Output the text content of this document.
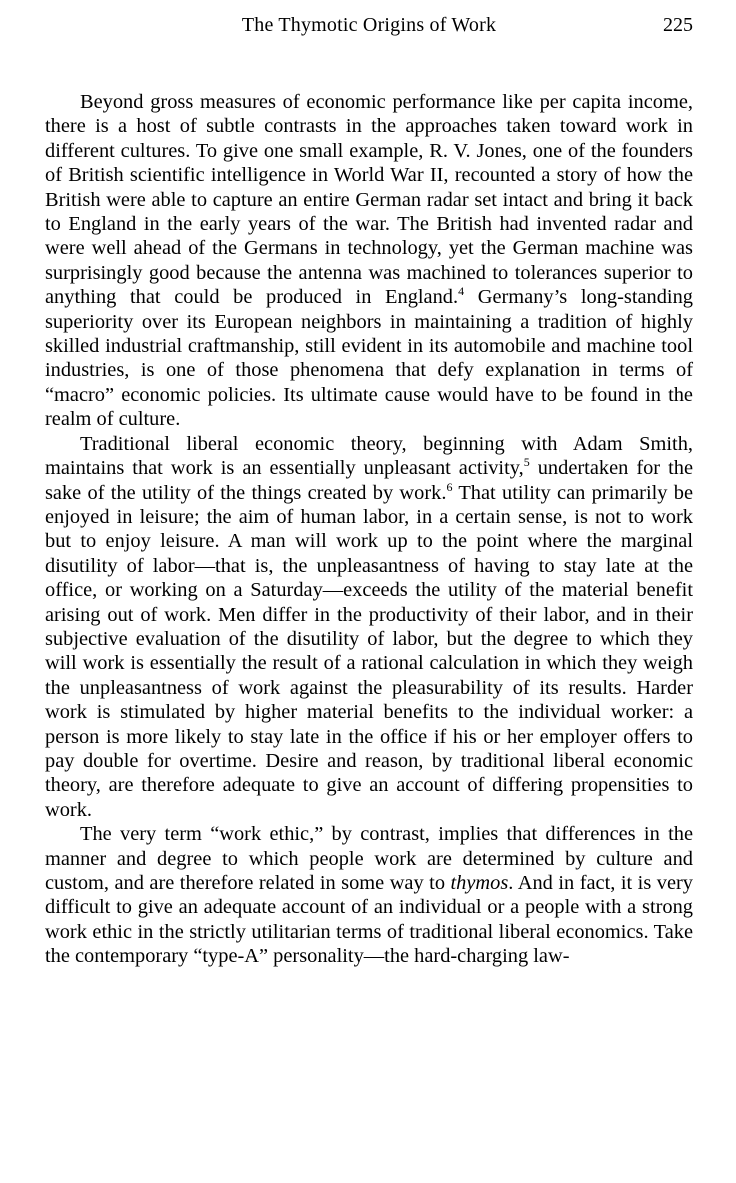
The Thymotic Origins of Work	225

Beyond gross measures of economic performance like per capita income, there is a host of subtle contrasts in the approaches taken toward work in different cultures. To give one small example, R. V. Jones, one of the founders of British scientific intelligence in World War II, recounted a story of how the British were able to capture an entire German radar set intact and bring it back to England in the early years of the war. The British had invented radar and were well ahead of the Germans in technology, yet the German machine was surprisingly good because the antenna was machined to tolerances superior to anything that could be produced in England.$^4$ Germany’s long-standing superiority over its European neighbors in maintaining a tradition of highly skilled industrial craftmanship, still evident in its automobile and machine tool industries, is one of those phenomena that defy explanation in terms of “macro” economic policies. Its ultimate cause would have to be found in the realm of culture.

Traditional liberal economic theory, beginning with Adam Smith, maintains that work is an essentially unpleasant activity,$^5$ undertaken for the sake of the utility of the things created by work.$^6$ That utility can primarily be enjoyed in leisure; the aim of human labor, in a certain sense, is not to work but to enjoy leisure. A man will work up to the point where the marginal disutility of labor—that is, the unpleasantness of having to stay late at the office, or working on a Saturday—exceeds the utility of the material benefit arising out of work. Men differ in the productivity of their labor, and in their subjective evaluation of the disutility of labor, but the degree to which they will work is essentially the result of a rational calculation in which they weigh the unpleasantness of work against the pleasurability of its results. Harder work is stimulated by higher material benefits to the individual worker: a person is more likely to stay late in the office if his or her employer offers to pay double for overtime. Desire and reason, by traditional liberal economic theory, are therefore adequate to give an account of differing propensities to work.

The very term “work ethic,” by contrast, implies that differences in the manner and degree to which people work are determined by culture and custom, and are therefore related in some way to thymos. And in fact, it is very difficult to give an adequate account of an individual or a people with a strong work ethic in the strictly utilitarian terms of traditional liberal economics. Take the contemporary “type-A” personality—the hard-charging law-
